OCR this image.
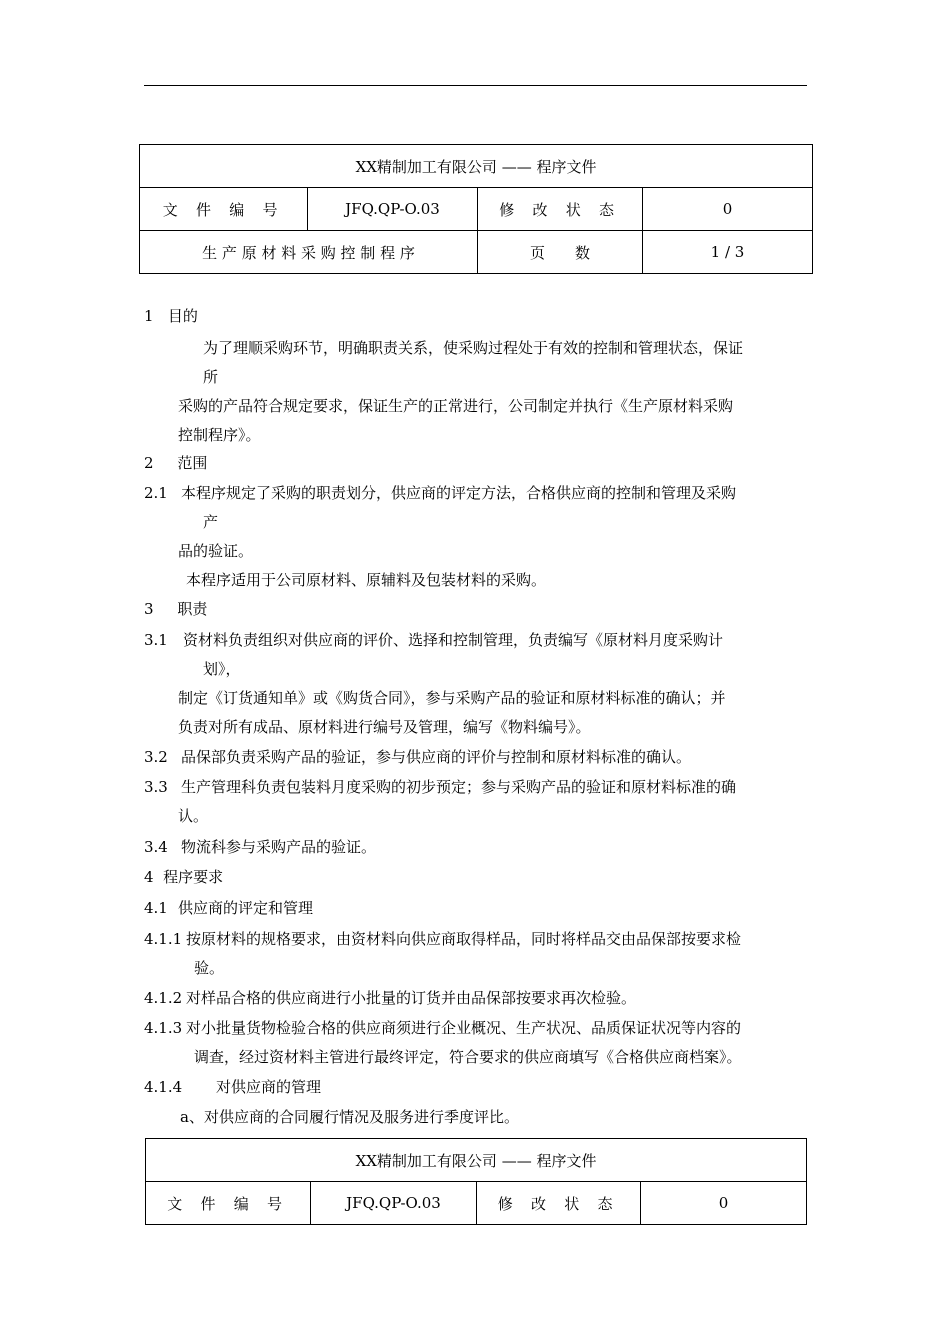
XX精制加工有限公司 —— 程序文件			
文 件 编 号	JFQ.QP-O.03	修 改 状 态	0
生 产 原 材 料 采 购 控 制 程 序		页　　数	1 / 3
1 目的
为了理顺采购环节，明确职责关系，使采购过程处于有效的控制和管理状态，保证
所
采购的产品符合规定要求，保证生产的正常进行，公司制定并执行《生产原材料采购
控制程序》。
2 范围
2.1 本程序规定了采购的职责划分，供应商的评定方法，合格供应商的控制和管理及采购
产
品的验证。
本程序适用于公司原材料、原辅料及包装材料的采购。
3 职责
3.1 资材料负责组织对供应商的评价、选择和控制管理，负责编写《原材料月度采购计
划》，
制定《订货通知单》或《购货合同》，参与采购产品的验证和原材料标准的确认；并
负责对所有成品、原材料进行编号及管理，编写《物料编号》。
3.2 品保部负责采购产品的验证，参与供应商的评价与控制和原材料标准的确认。
3.3 生产管理科负责包装料月度采购的初步预定；参与采购产品的验证和原材料标准的确
认。
3.4 物流科参与采购产品的验证。
4 程序要求
4.1 供应商的评定和管理
4.1.1 按原材料的规格要求，由资材料向供应商取得样品，同时将样品交由品保部按要求检
验。
4.1.2 对样品合格的供应商进行小批量的订货并由品保部按要求再次检验。
4.1.3 对小批量货物检验合格的供应商须进行企业概况、生产状况、品质保证状况等内容的
调查，经过资材料主管进行最终评定，符合要求的供应商填写《合格供应商档案》。
4.1.4 对供应商的管理
a、对供应商的合同履行情况及服务进行季度评比。
XX精制加工有限公司 —— 程序文件
文 件 编 号	JFQ.QP-O.03	修 改 状 态	0
